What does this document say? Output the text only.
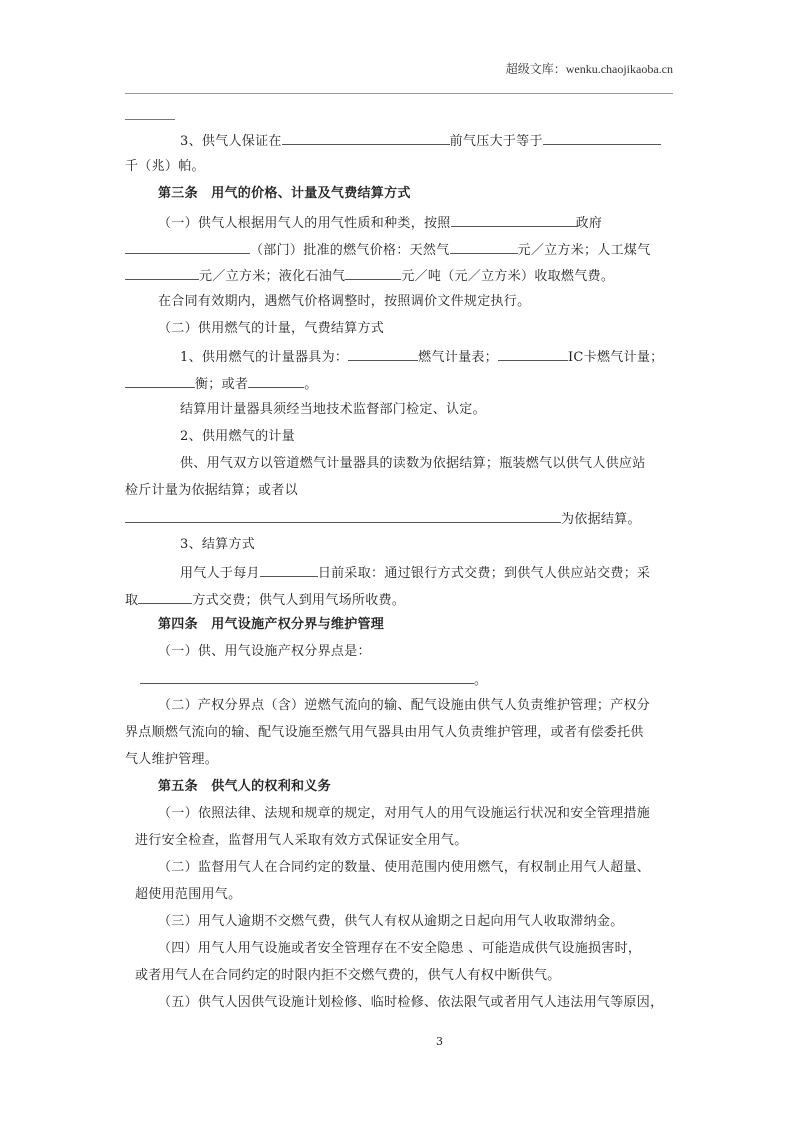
超级文库：wenku.chaojikaoba.cn
3、供气人保证在	前气压大于等于
千（兆）帕。
第三条　用气的价格、计量及气费结算方式
（一）供气人根据用气人的用气性质和种类，按照	政府
（部门）批准的燃气价格：天然气	元／立方米；人工煤气
元／立方米；液化石油气	元／吨（元／立方米）收取燃气费。
在合同有效期内，遇燃气价格调整时，按照调价文件规定执行。
（二）供用燃气的计量，气费结算方式
1、供用燃气的计量器具为：	燃气计量表；	IC卡燃气计量；
衡；或者	。
结算用计量器具须经当地技术监督部门检定、认定。
2、供用燃气的计量
供、用气双方以管道燃气计量器具的读数为依据结算；瓶装燃气以供气人供应站
检斤计量为依据结算；或者以
为依据结算。
3、结算方式
用气人于每月	日前采取：通过银行方式交费；到供气人供应站交费；采
取	方式交费；供气人到用气场所收费。
第四条　用气设施产权分界与维护管理
（一）供、用气设施产权分界点是：
。
（二）产权分界点（含）逆燃气流向的输、配气设施由供气人负责维护管理；产权分
界点顺燃气流向的输、配气设施至燃气用气器具由用气人负责维护管理，或者有偿委托供
气人维护管理。
第五条　供气人的权利和义务
（一）依照法律、法规和规章的规定，对用气人的用气设施运行状况和安全管理措施
进行安全检查，监督用气人采取有效方式保证安全用气。
（二）监督用气人在合同约定的数量、使用范围内使用燃气，有权制止用气人超量、
超使用范围用气。
（三）用气人逾期不交燃气费，供气人有权从逾期之日起向用气人收取滞纳金。
（四）用气人用气设施或者安全管理存在不安全隐患 、可能造成供气设施损害时，
或者用气人在合同约定的时限内拒不交燃气费的，供气人有权中断供气。
（五）供气人因供气设施计划检修、临时检修、依法限气或者用气人违法用气等原因，
3
